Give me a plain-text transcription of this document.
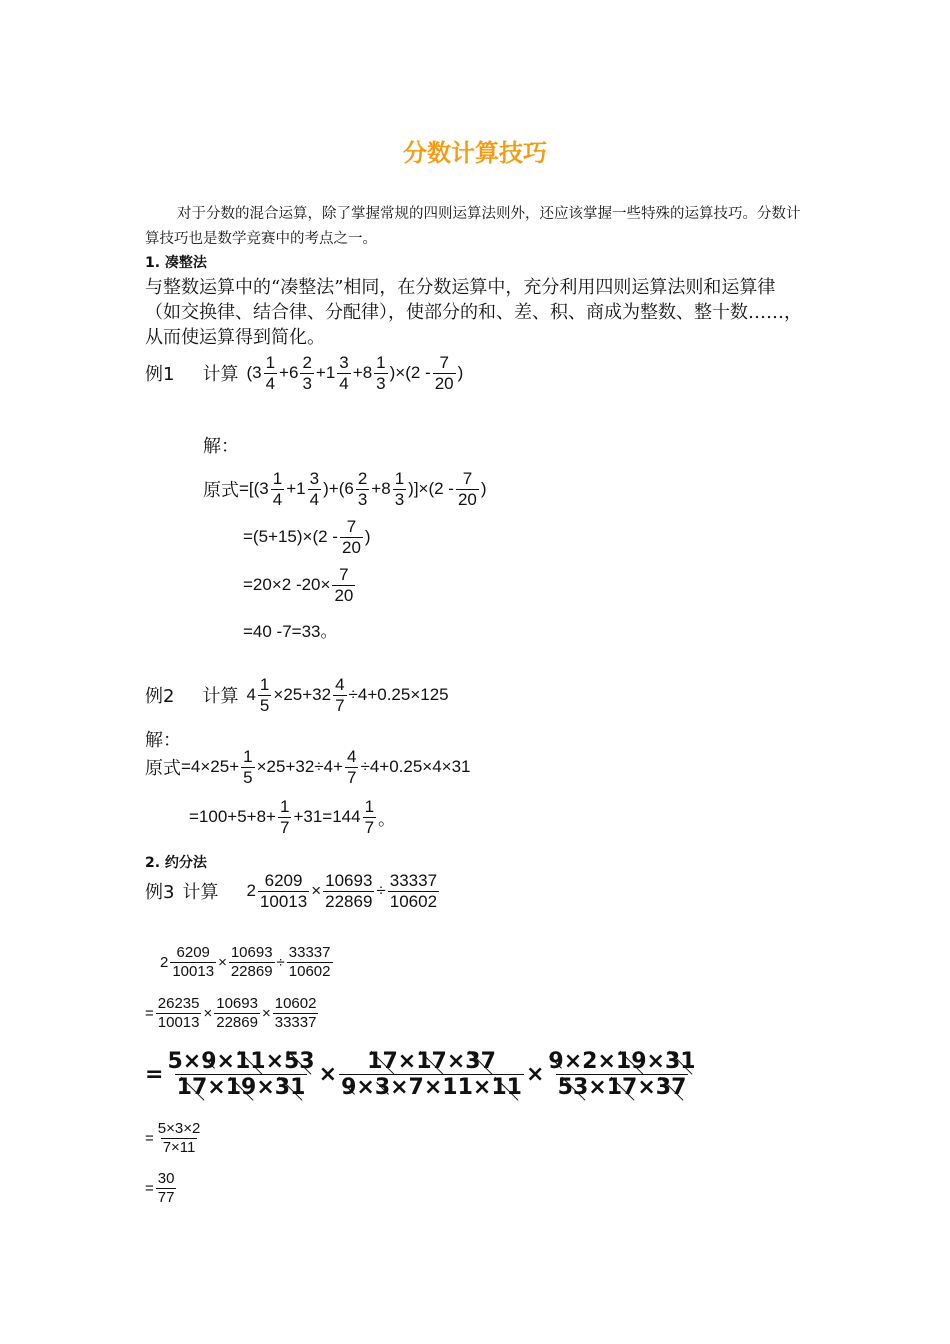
分数计算技巧
对于分数的混合运算，除了掌握常规的四则运算法则外，还应该掌握一些特殊的运算技巧。分数计算技巧也是数学竞赛中的考点之一。
1. 凑整法
与整数运算中的“凑整法”相同，在分数运算中，充分利用四则运算法则和运算律（如交换律、结合律、分配律），使部分的和、差、积、商成为整数、整十数……，从而使运算得到简化。
例1 计算 $(3 \frac{1}{4} +6 \frac{2}{3} +1 \frac{3}{4} +8 \frac{1}{3} )\times(2 - \frac{7}{20}$ )
解：
原式 $=[(3 \frac{1}{4} +1 \frac{3}{4} )+(6 \frac{2}{3} +8 \frac{1}{3} )]\times(2 - \frac{7}{20}$ )
$=(5+15)\times(2 - \frac{7}{20}$ )
=20×2 $-20\times \frac{7}{20}$
=40 -7=33。
例2 计算 $4 \frac{1}{5} \times 25+32 \frac{4}{7} \div 4+0.25\times 125$
解：
原式 $=4\times 25+ \frac{1}{5} \times 25+32\div 4+ \frac{4}{7} \div 4+0.25\times 4\times 31$
$=100+5+8+ \frac{1}{7} +31=144 \frac{1}{7}$ 。
2. 约分法
例3 计算 $2 \frac{6209}{10013} \times \frac{10693}{22869} \div \frac{33337}{10602}$
$2 \frac{6209}{10013} \times \frac{10693}{22869} \div \frac{33337}{10602}$
= $\frac{26235}{10013} \times \frac{10693}{22869} \times \frac{10602}{33337}$
= $\frac{5\times 9\times 11\times 53}{17\times 19\times 31} \times \frac{17\times 17\times 37}{9\times 3\times 7\times 11\times 11} \times \frac{9\times 2\times 19\times 31}{53\times 17\times 37}$
= $\frac{5\times 3\times 2}{7\times 11}$
= $\frac{30}{77}$
